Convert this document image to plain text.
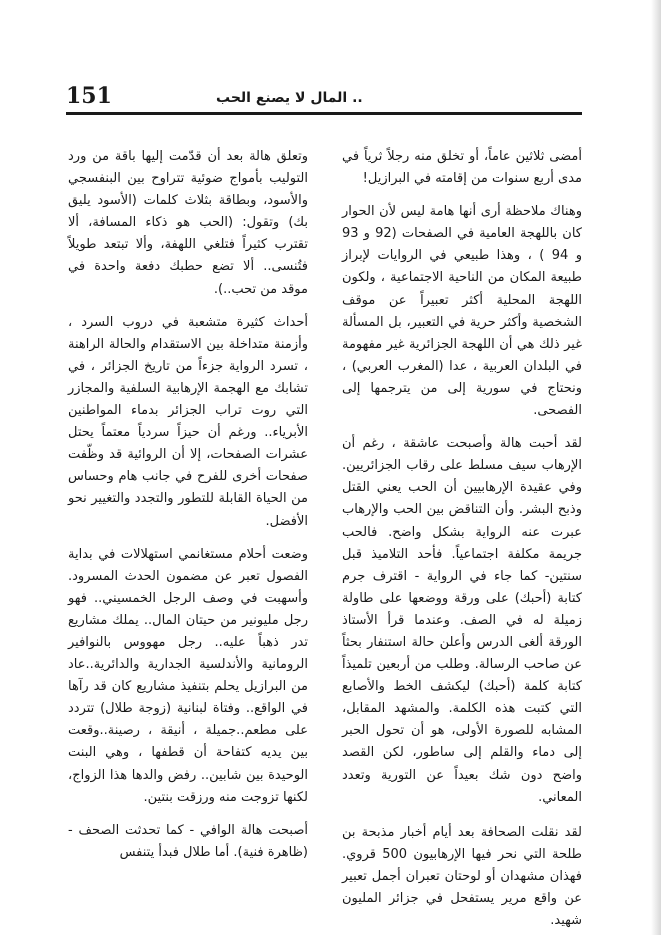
151	المال لا يصنع الحب ..

أمضى ثلاثين عاماً، أو تخلق منه رجلاً ثرياً في مدى أربع سنوات من إقامته في البرازيل!

وهناك ملاحظة أرى أنها هامة ليس لأن الحوار كان باللهجة العامية في الصفحات (92 و 93 و 94 ) ، وهذا طبيعي في الروايات لإبراز طبيعة المكان من الناحية الاجتماعية ، ولكون اللهجة المحلية أكثر تعبيراً عن موقف الشخصية وأكثر حرية في التعبير، بل المسألة غير ذلك هي أن اللهجة الجزائرية غير مفهومة في البلدان العربية ، عدا (المغرب العربي) ، ونحتاج في سورية إلى من يترجمها إلى الفصحى.

لقد أحبت هالة وأصبحت عاشقة ، رغم أن الإرهاب سيف مسلط على رقاب الجزائريين. وفي عقيدة الإرهابيين أن الحب يعني القتل وذبح البشر. وأن التناقض بين الحب والإرهاب عبرت عنه الرواية بشكل واضح. فالحب جريمة مكلفة اجتماعياً. فأحد التلاميذ قبل سنتين- كما جاء في الرواية - اقترف جرم كتابة (أحبك) على ورقة ووضعها على طاولة زميلة له في الصف. وعندما قرأ الأستاذ الورقة ألغى الدرس وأعلن حالة استنفار بحثاً عن صاحب الرسالة. وطلب من أربعين تلميذاً كتابة كلمة (أحبك) ليكشف الخط والأصابع التي كتبت هذه الكلمة. والمشهد المقابل، المشابه للصورة الأولى، هو أن تحول الحبر إلى دماء والقلم إلى ساطور، لكن القصد واضح دون شك بعيداً عن التورية وتعدد المعاني.

لقد نقلت الصحافة بعد أيام أخبار مذبحة بن طلحة التي نحر فيها الإرهابيون 500 قروي. فهذان مشهدان أو لوحتان تعبران أجمل تعبير عن واقع مرير يستفحل في جزائر المليون شهيد.

وتعلق هالة بعد أن قدّمت إليها باقة من ورد التوليب بأمواج ضوئية تتراوح بين البنفسجي والأسود، وبطاقة بثلاث كلمات (الأسود يليق بك) وتقول: (الحب هو ذكاء المسافة، ألا تقترب كثيراً فتلغي اللهفة، وألا تبتعد طويلاً فتُنسى.. ألا تضع حطبك دفعة واحدة في موقد من تحب..).

أحداث كثيرة متشعبة في دروب السرد ، وأزمنة متداخلة بين الاستقدام والحالة الراهنة ، تسرد الرواية جزءاً من تاريخ الجزائر ، في تشابك مع الهجمة الإرهابية السلفية والمجازر التي روت تراب الجزائر بدماء المواطنين الأبرياء.. ورغم أن حيزاً سردياً معتماً يحتل عشرات الصفحات، إلا أن الروائية قد وظّفت صفحات أخرى للفرح في جانب هام وحساس من الحياة القابلة للتطور والتجدد والتغيير نحو الأفضل.

وضعت أحلام مستغانمي استهلالات في بداية الفصول تعبر عن مضمون الحدث المسرود. وأسهبت في وصف الرجل الخمسيني.. فهو رجل مليونير من حيتان المال.. يملك مشاريع تدر ذهباً عليه.. رجل مهووس بالنوافير الرومانية والأندلسية الجدارية والدائرية..عاد من البرازيل يحلم بتنفيذ مشاريع كان قد رآها في الواقع.. وفتاة لبنانية (زوجة طلال) تتردد على مطعم..جميلة ، أنيقة ، رصينة..وقعت بين يديه كتفاحة أن قطفها ، وهي البنت الوحيدة بين شابين.. رفض والدها هذا الزواج، لكنها تزوجت منه ورزقت بنتين.

أصبحت هالة الوافي - كما تحدثت الصحف - (ظاهرة فنية). أما طلال فبدأ يتنفس
